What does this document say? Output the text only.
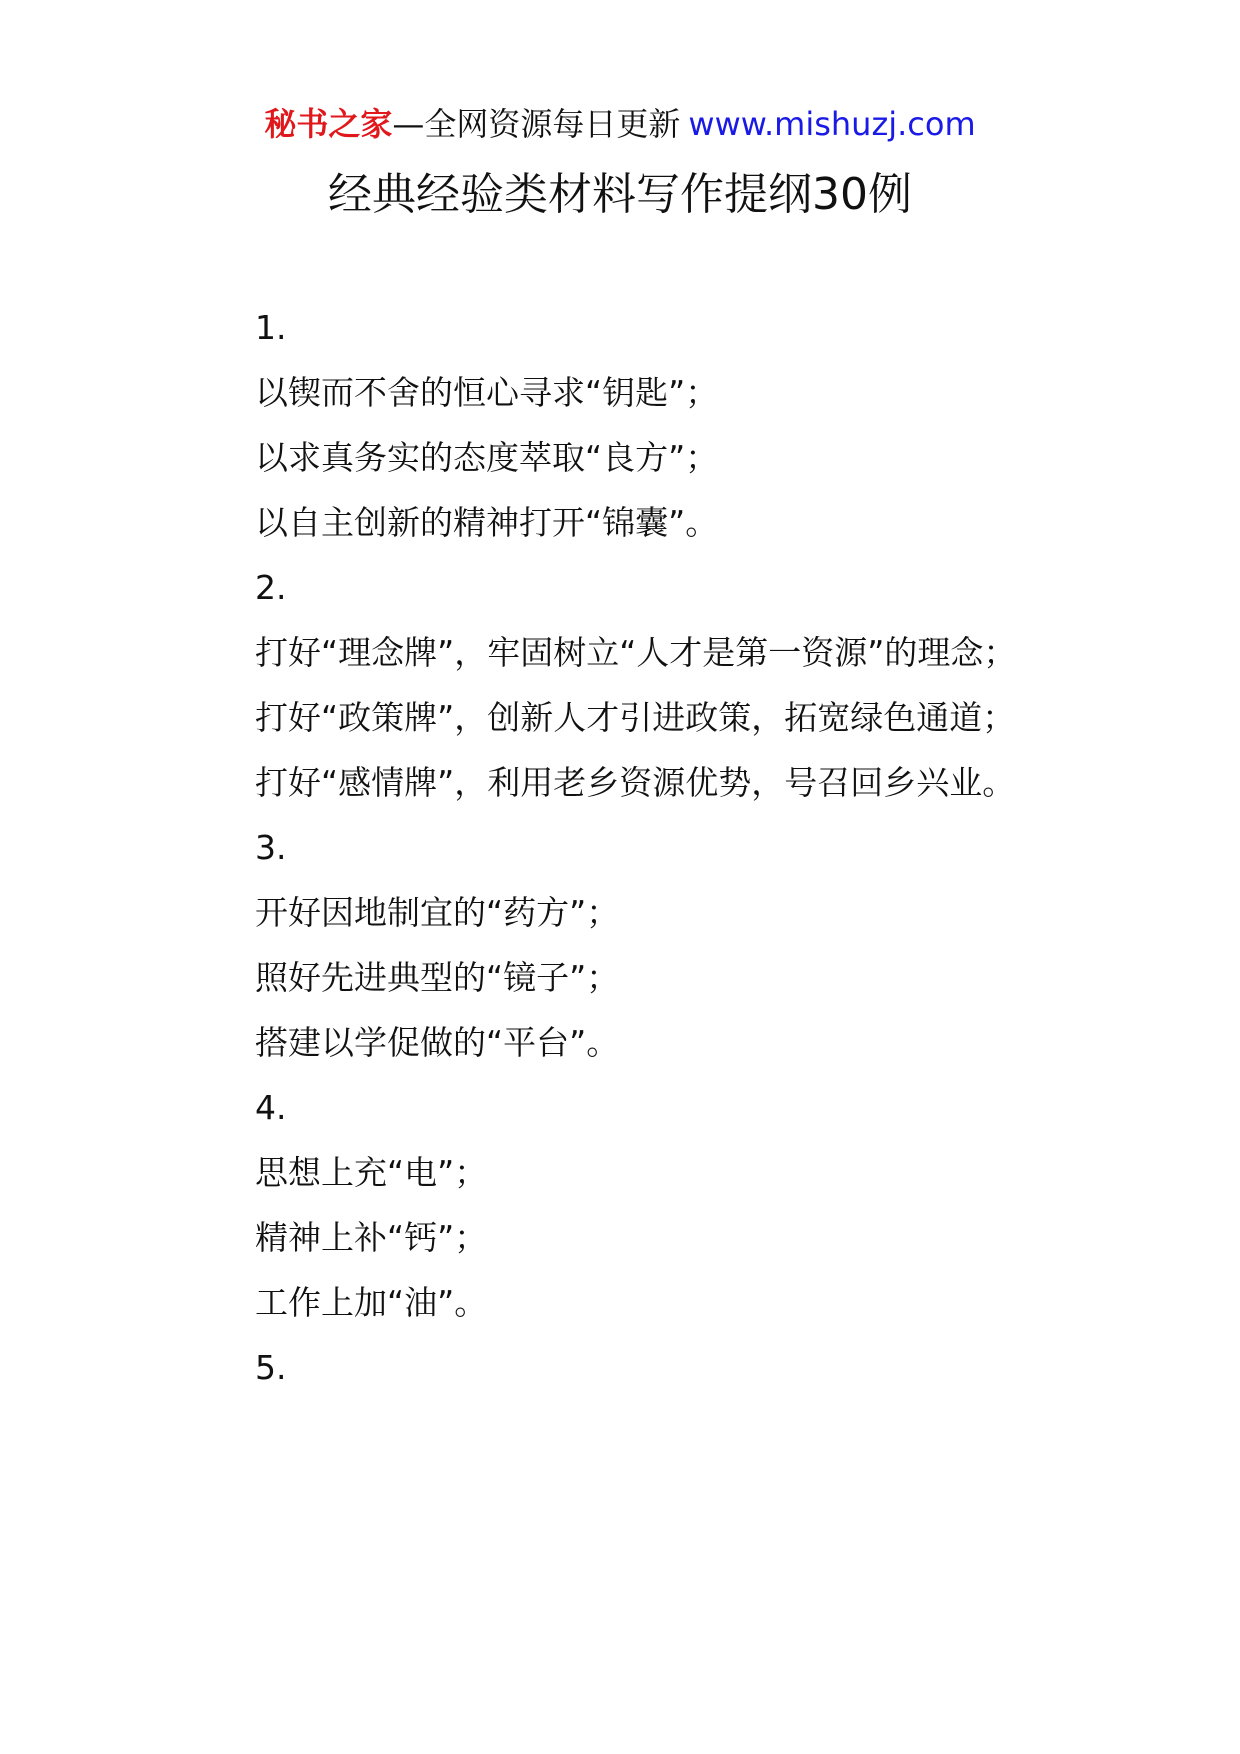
秘书之家—全网资源每日更新 www.mishuzj.com
经典经验类材料写作提纲30例

1.

以锲而不舍的恒心寻求“钥匙”；

以求真务实的态度萃取“良方”；

以自主创新的精神打开“锦囊”。

2.

打好“理念牌”，牢固树立“人才是第一资源”的理念；

打好“政策牌”，创新人才引进政策，拓宽绿色通道；

打好“感情牌”，利用老乡资源优势，号召回乡兴业。

3.

开好因地制宜的“药方”；

照好先进典型的“镜子”；

搭建以学促做的“平台”。

4.

思想上充“电”；

精神上补“钙”；

工作上加“油”。

5.
